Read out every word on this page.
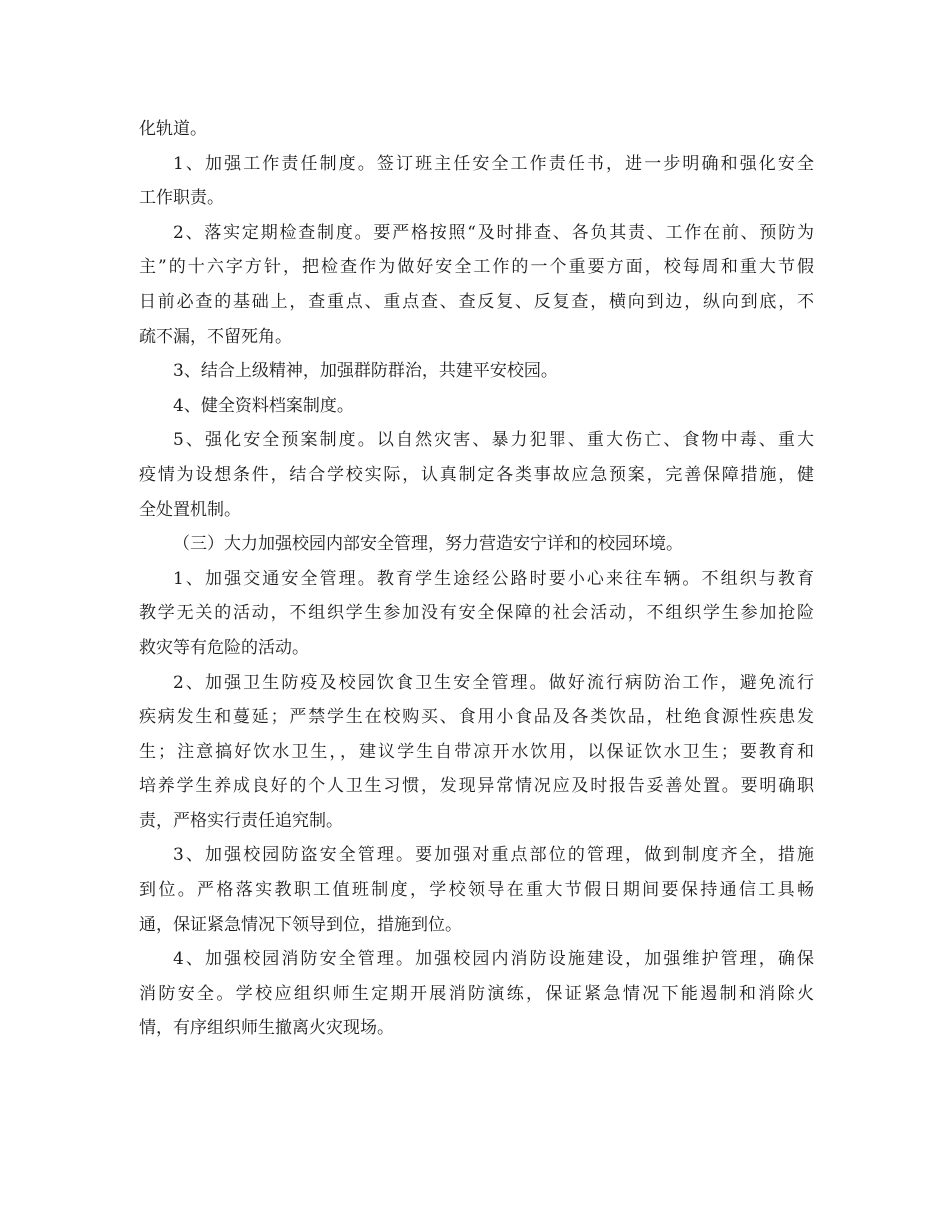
化轨道。
1、加强工作责任制度。签订班主任安全工作责任书，进一步明确和强化安全
工作职责。
2、落实定期检查制度。要严格按照“及时排查、各负其责、工作在前、预防为
主”的十六字方针，把检查作为做好安全工作的一个重要方面，校每周和重大节假
日前必查的基础上，查重点、重点查、查反复、反复查，横向到边，纵向到底，不
疏不漏，不留死角。
3、结合上级精神，加强群防群治，共建平安校园。
4、健全资料档案制度。
5、强化安全预案制度。以自然灾害、暴力犯罪、重大伤亡、食物中毒、重大
疫情为设想条件，结合学校实际，认真制定各类事故应急预案，完善保障措施，健
全处置机制。
（三）大力加强校园内部安全管理，努力营造安宁详和的校园环境。
1、加强交通安全管理。教育学生途经公路时要小心来往车辆。不组织与教育
教学无关的活动，不组织学生参加没有安全保障的社会活动，不组织学生参加抢险
救灾等有危险的活动。
2、加强卫生防疫及校园饮食卫生安全管理。做好流行病防治工作，避免流行
疾病发生和蔓延；严禁学生在校购买、食用小食品及各类饮品，杜绝食源性疾患发
生；注意搞好饮水卫生，，建议学生自带凉开水饮用，以保证饮水卫生；要教育和
培养学生养成良好的个人卫生习惯，发现异常情况应及时报告妥善处置。要明确职
责，严格实行责任追究制。
3、加强校园防盗安全管理。要加强对重点部位的管理，做到制度齐全，措施
到位。严格落实教职工值班制度，学校领导在重大节假日期间要保持通信工具畅
通，保证紧急情况下领导到位，措施到位。
4、加强校园消防安全管理。加强校园内消防设施建设，加强维护管理，确保
消防安全。学校应组织师生定期开展消防演练，保证紧急情况下能遏制和消除火
情，有序组织师生撤离火灾现场。
